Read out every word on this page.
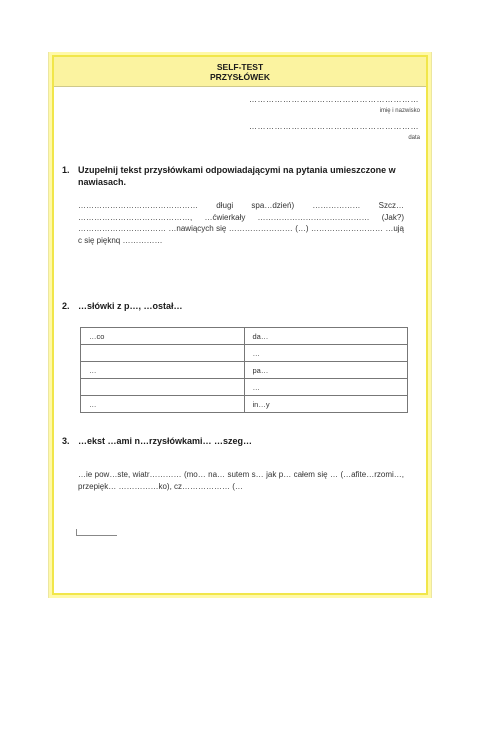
SELF-TEST
PRZYSŁÓWEK
……………………………………………………
imię i nazwisko
……………………………………………………
data
1. Uzupełnij tekst przysłówkami odpowiadającymi na pytania umieszczone w nawiasach.
……………………………………… długi spa…dzień) ……………… Szcz… ……………………………………, …ćwierkały …………………………………… (Jak?) …………………………… …nawiących się …………………… (…) ……………………… …ując się pięknq ……………
2. …słówki z p…, …ostał…
…co	da…
	…
…	pa…
	…
…	in…y
3. …ekst …ami n…rzysłówkami… …szeg…
…ie pow…ste, wiatr………… (mo… na… sutem s… jak p… całem się … (…afite…rzomi…, przepięk… ……………ko), cz……………… (…
